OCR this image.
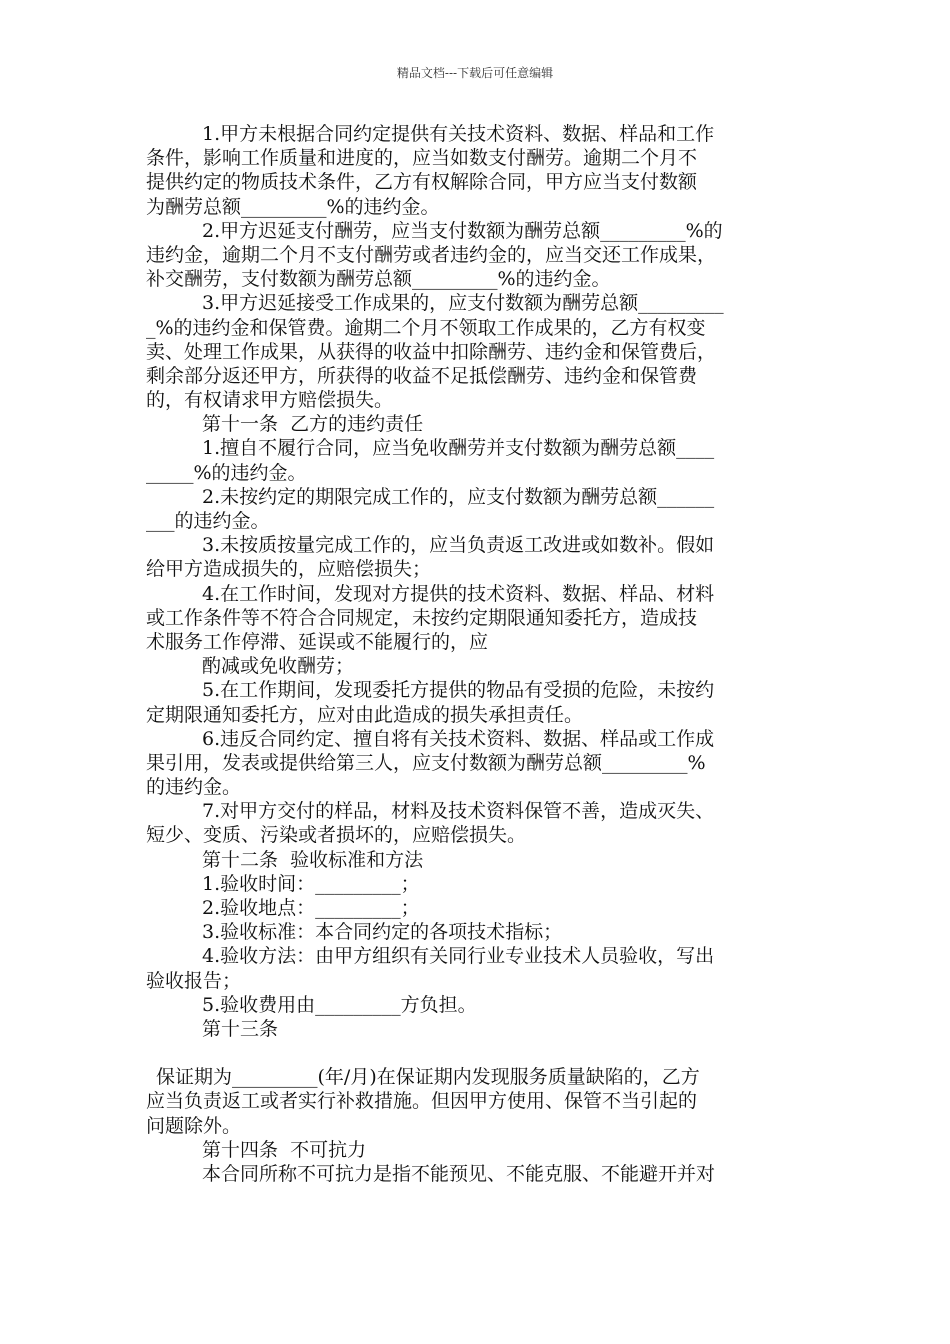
精品文档---下载后可任意编辑
1.甲方未根据合同约定提供有关技术资料、数据、样品和工作
条件，影响工作质量和进度的，应当如数支付酬劳。逾期二个月不
提供约定的物质技术条件，乙方有权解除合同，甲方应当支付数额
为酬劳总额_________%的违约金。
2.甲方迟延支付酬劳，应当支付数额为酬劳总额_________%的
违约金，逾期二个月不支付酬劳或者违约金的，应当交还工作成果，
补交酬劳，支付数额为酬劳总额_________%的违约金。
3.甲方迟延接受工作成果的，应支付数额为酬劳总额_________
_%的违约金和保管费。逾期二个月不领取工作成果的，乙方有权变
卖、处理工作成果，从获得的收益中扣除酬劳、违约金和保管费后，
剩余部分返还甲方，所获得的收益不足抵偿酬劳、违约金和保管费
的，有权请求甲方赔偿损失。
第十一条  乙方的违约责任
1.擅自不履行合同，应当免收酬劳并支付数额为酬劳总额____
_____%的违约金。
2.未按约定的期限完成工作的，应支付数额为酬劳总额______
___的违约金。
3.未按质按量完成工作的，应当负责返工改进或如数补。假如
给甲方造成损失的，应赔偿损失；
4.在工作时间，发现对方提供的技术资料、数据、样品、材料
或工作条件等不符合合同规定，未按约定期限通知委托方，造成技
术服务工作停滞、延误或不能履行的，应
酌减或免收酬劳；
5.在工作期间，发现委托方提供的物品有受损的危险，未按约
定期限通知委托方，应对由此造成的损失承担责任。
6.违反合同约定、擅自将有关技术资料、数据、样品或工作成
果引用，发表或提供给第三人，应支付数额为酬劳总额_________%
的违约金。
7.对甲方交付的样品，材料及技术资料保管不善，造成灭失、
短少、变质、污染或者损坏的，应赔偿损失。
第十二条  验收标准和方法
1.验收时间：_________；
2.验收地点：_________；
3.验收标准：本合同约定的各项技术指标；
4.验收方法：由甲方组织有关同行业专业技术人员验收，写出
验收报告；
5.验收费用由_________方负担。
第十三条
保证期为_________(年/月)在保证期内发现服务质量缺陷的，乙方
应当负责返工或者实行补救措施。但因甲方使用、保管不当引起的
问题除外。
第十四条  不可抗力
本合同所称不可抗力是指不能预见、不能克服、不能避开并对
